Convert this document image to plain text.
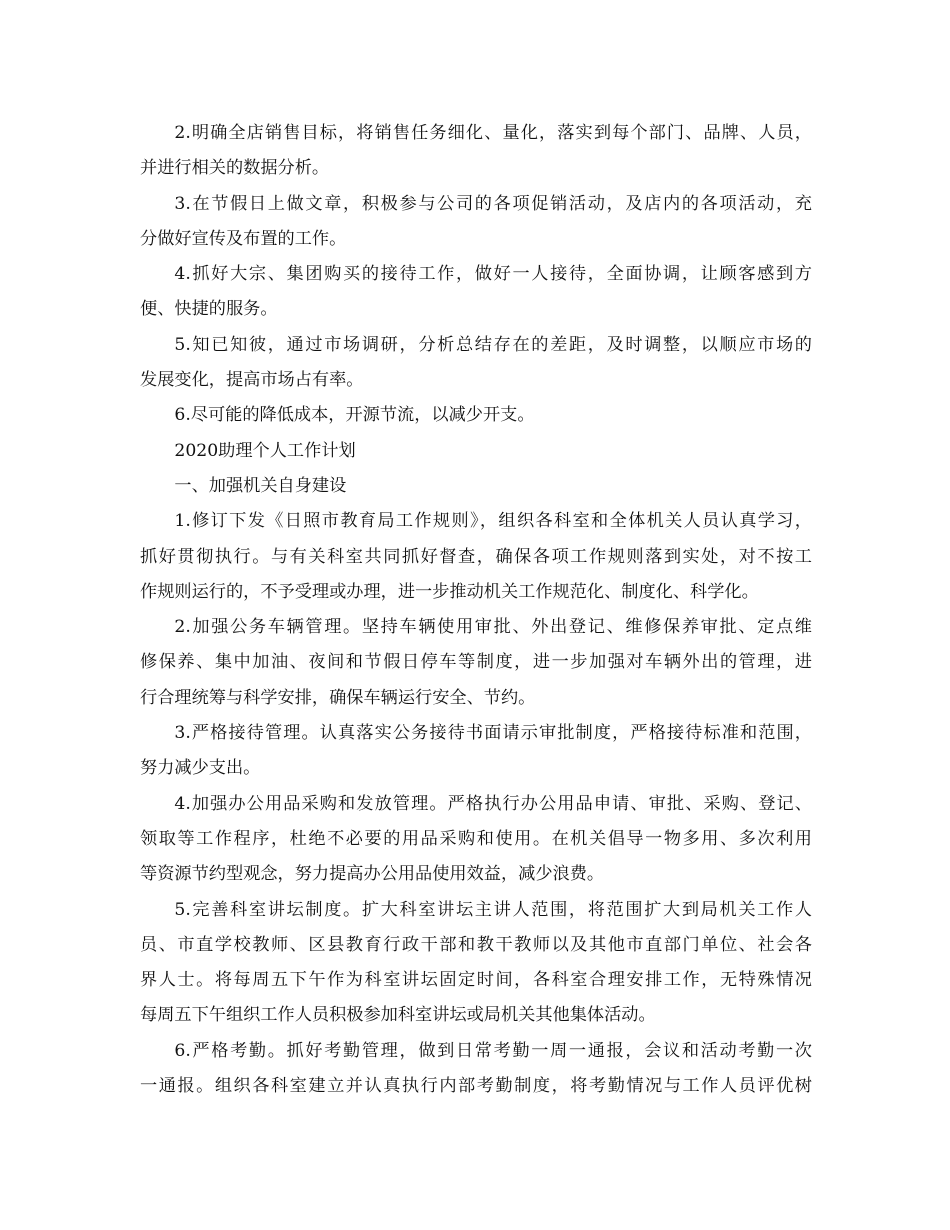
2.明确全店销售目标，将销售任务细化、量化，落实到每个部门、品牌、人员，
并进行相关的数据分析。
3.在节假日上做文章，积极参与公司的各项促销活动，及店内的各项活动，充
分做好宣传及布置的工作。
4.抓好大宗、集团购买的接待工作，做好一人接待，全面协调，让顾客感到方
便、快捷的服务。
5.知已知彼，通过市场调研，分析总结存在的差距，及时调整，以顺应市场的
发展变化，提高市场占有率。
6.尽可能的降低成本，开源节流，以减少开支。
2020助理个人工作计划
一、加强机关自身建设
1.修订下发《日照市教育局工作规则》，组织各科室和全体机关人员认真学习，
抓好贯彻执行。与有关科室共同抓好督查，确保各项工作规则落到实处，对不按工
作规则运行的，不予受理或办理，进一步推动机关工作规范化、制度化、科学化。
2.加强公务车辆管理。坚持车辆使用审批、外出登记、维修保养审批、定点维
修保养、集中加油、夜间和节假日停车等制度，进一步加强对车辆外出的管理，进
行合理统筹与科学安排，确保车辆运行安全、节约。
3.严格接待管理。认真落实公务接待书面请示审批制度，严格接待标准和范围，
努力减少支出。
4.加强办公用品采购和发放管理。严格执行办公用品申请、审批、采购、登记、
领取等工作程序，杜绝不必要的用品采购和使用。在机关倡导一物多用、多次利用
等资源节约型观念，努力提高办公用品使用效益，减少浪费。
5.完善科室讲坛制度。扩大科室讲坛主讲人范围，将范围扩大到局机关工作人
员、市直学校教师、区县教育行政干部和教干教师以及其他市直部门单位、社会各
界人士。将每周五下午作为科室讲坛固定时间，各科室合理安排工作，无特殊情况
每周五下午组织工作人员积极参加科室讲坛或局机关其他集体活动。
6.严格考勤。抓好考勤管理，做到日常考勤一周一通报，会议和活动考勤一次
一通报。组织各科室建立并认真执行内部考勤制度，将考勤情况与工作人员评优树
